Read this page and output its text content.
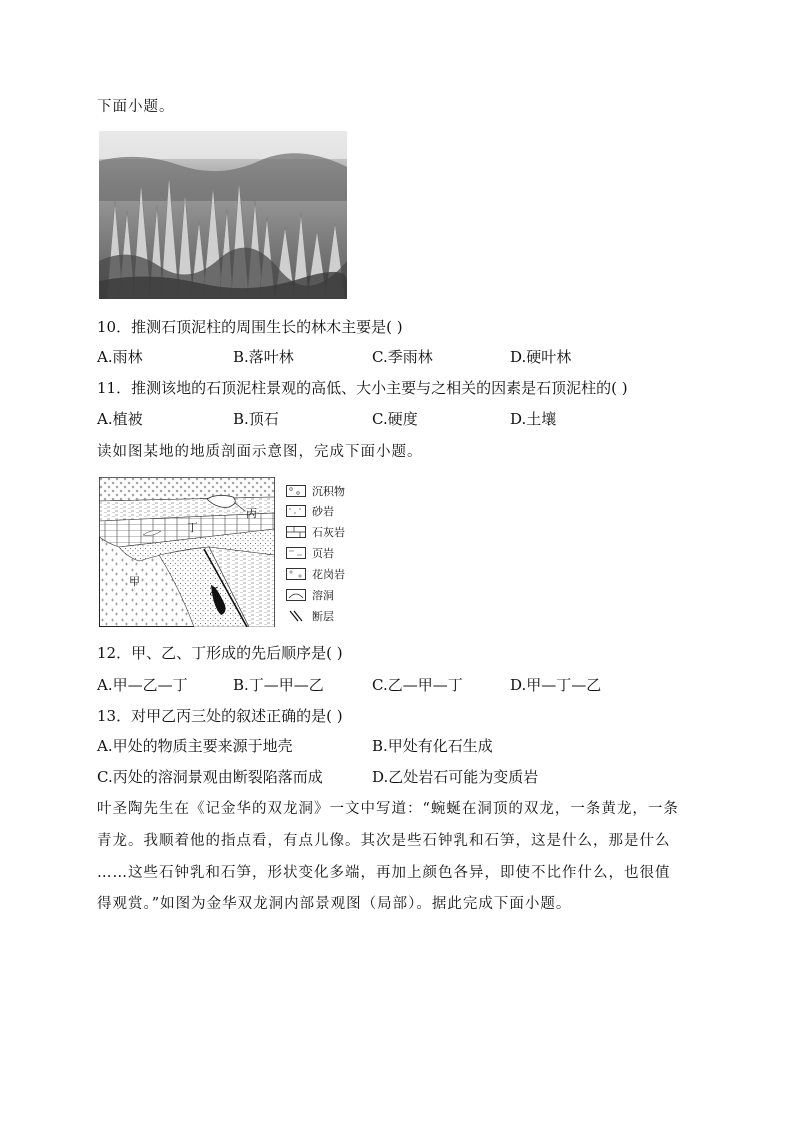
下面小题。
10．推测石顶泥柱的周围生长的林木主要是( )
A.雨林	B.落叶林	C.季雨林	D.硬叶林
11．推测该地的石顶泥柱景观的高低、大小主要与之相关的因素是石顶泥柱的( )
A.植被	B.顶石	C.硬度	D.土壤
读如图某地的地质剖面示意图，完成下面小题。
丙
丁
甲
乙
沉积物
砂岩
石灰岩
页岩
花岗岩
溶洞
断层
12．甲、乙、丁形成的先后顺序是( )
A.甲—乙—丁	B.丁—甲—乙	C.乙—甲—丁	D.甲—丁—乙
13．对甲乙丙三处的叙述正确的是( )
A.甲处的物质主要来源于地壳	B.甲处有化石生成
C.丙处的溶洞景观由断裂陷落而成	D.乙处岩石可能为变质岩
叶圣陶先生在《记金华的双龙洞》一文中写道：“蜿蜒在洞顶的双龙，一条黄龙，一条
青龙。我顺着他的指点看，有点儿像。其次是些石钟乳和石笋，这是什么，那是什么
……这些石钟乳和石笋，形状变化多端，再加上颜色各异，即使不比作什么，也很值
得观赏。”如图为金华双龙洞内部景观图（局部）。据此完成下面小题。
